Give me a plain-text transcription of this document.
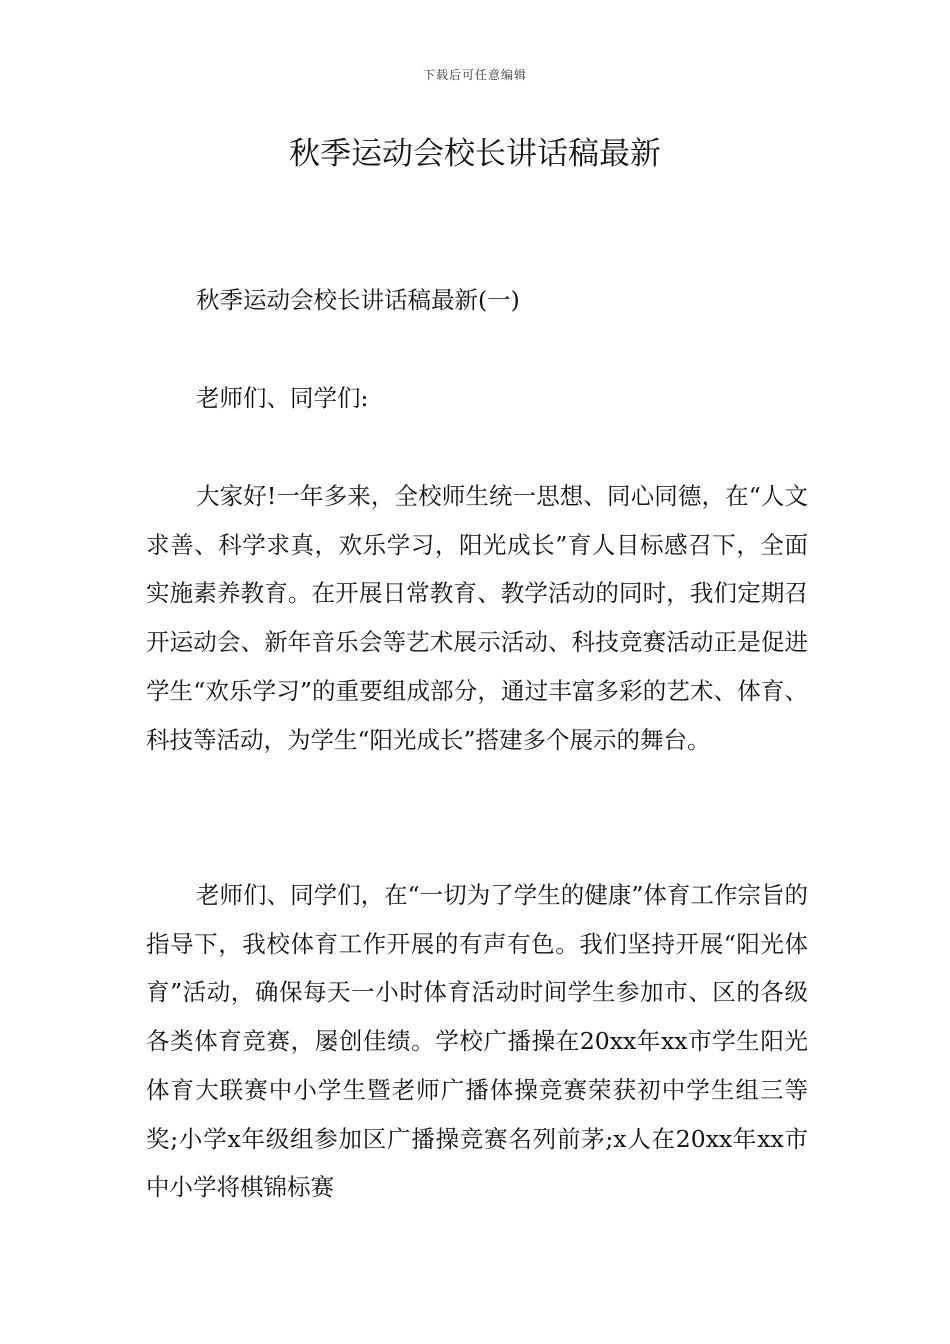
下载后可任意编辑
秋季运动会校长讲话稿最新

秋季运动会校长讲话稿最新(一)

老师们、同学们:

大家好!一年多来，全校师生统一思想、同心同德，在“人文求善、科学求真，欢乐学习，阳光成长”育人目标感召下，全面实施素养教育。在开展日常教育、教学活动的同时，我们定期召开运动会、新年音乐会等艺术展示活动、科技竞赛活动正是促进学生“欢乐学习”的重要组成部分，通过丰富多彩的艺术、体育、科技等活动，为学生“阳光成长”搭建多个展示的舞台。

老师们、同学们，在“一切为了学生的健康”体育工作宗旨的指导下，我校体育工作开展的有声有色。我们坚持开展“阳光体育”活动，确保每天一小时体育活动时间学生参加市、区的各级各类体育竞赛，屡创佳绩。学校广播操在20xx年xx市学生阳光体育大联赛中小学生暨老师广播体操竞赛荣获初中学生组三等奖;小学x年级组参加区广播操竞赛名列前茅;x人在20xx年xx市中小学将棋锦标赛
